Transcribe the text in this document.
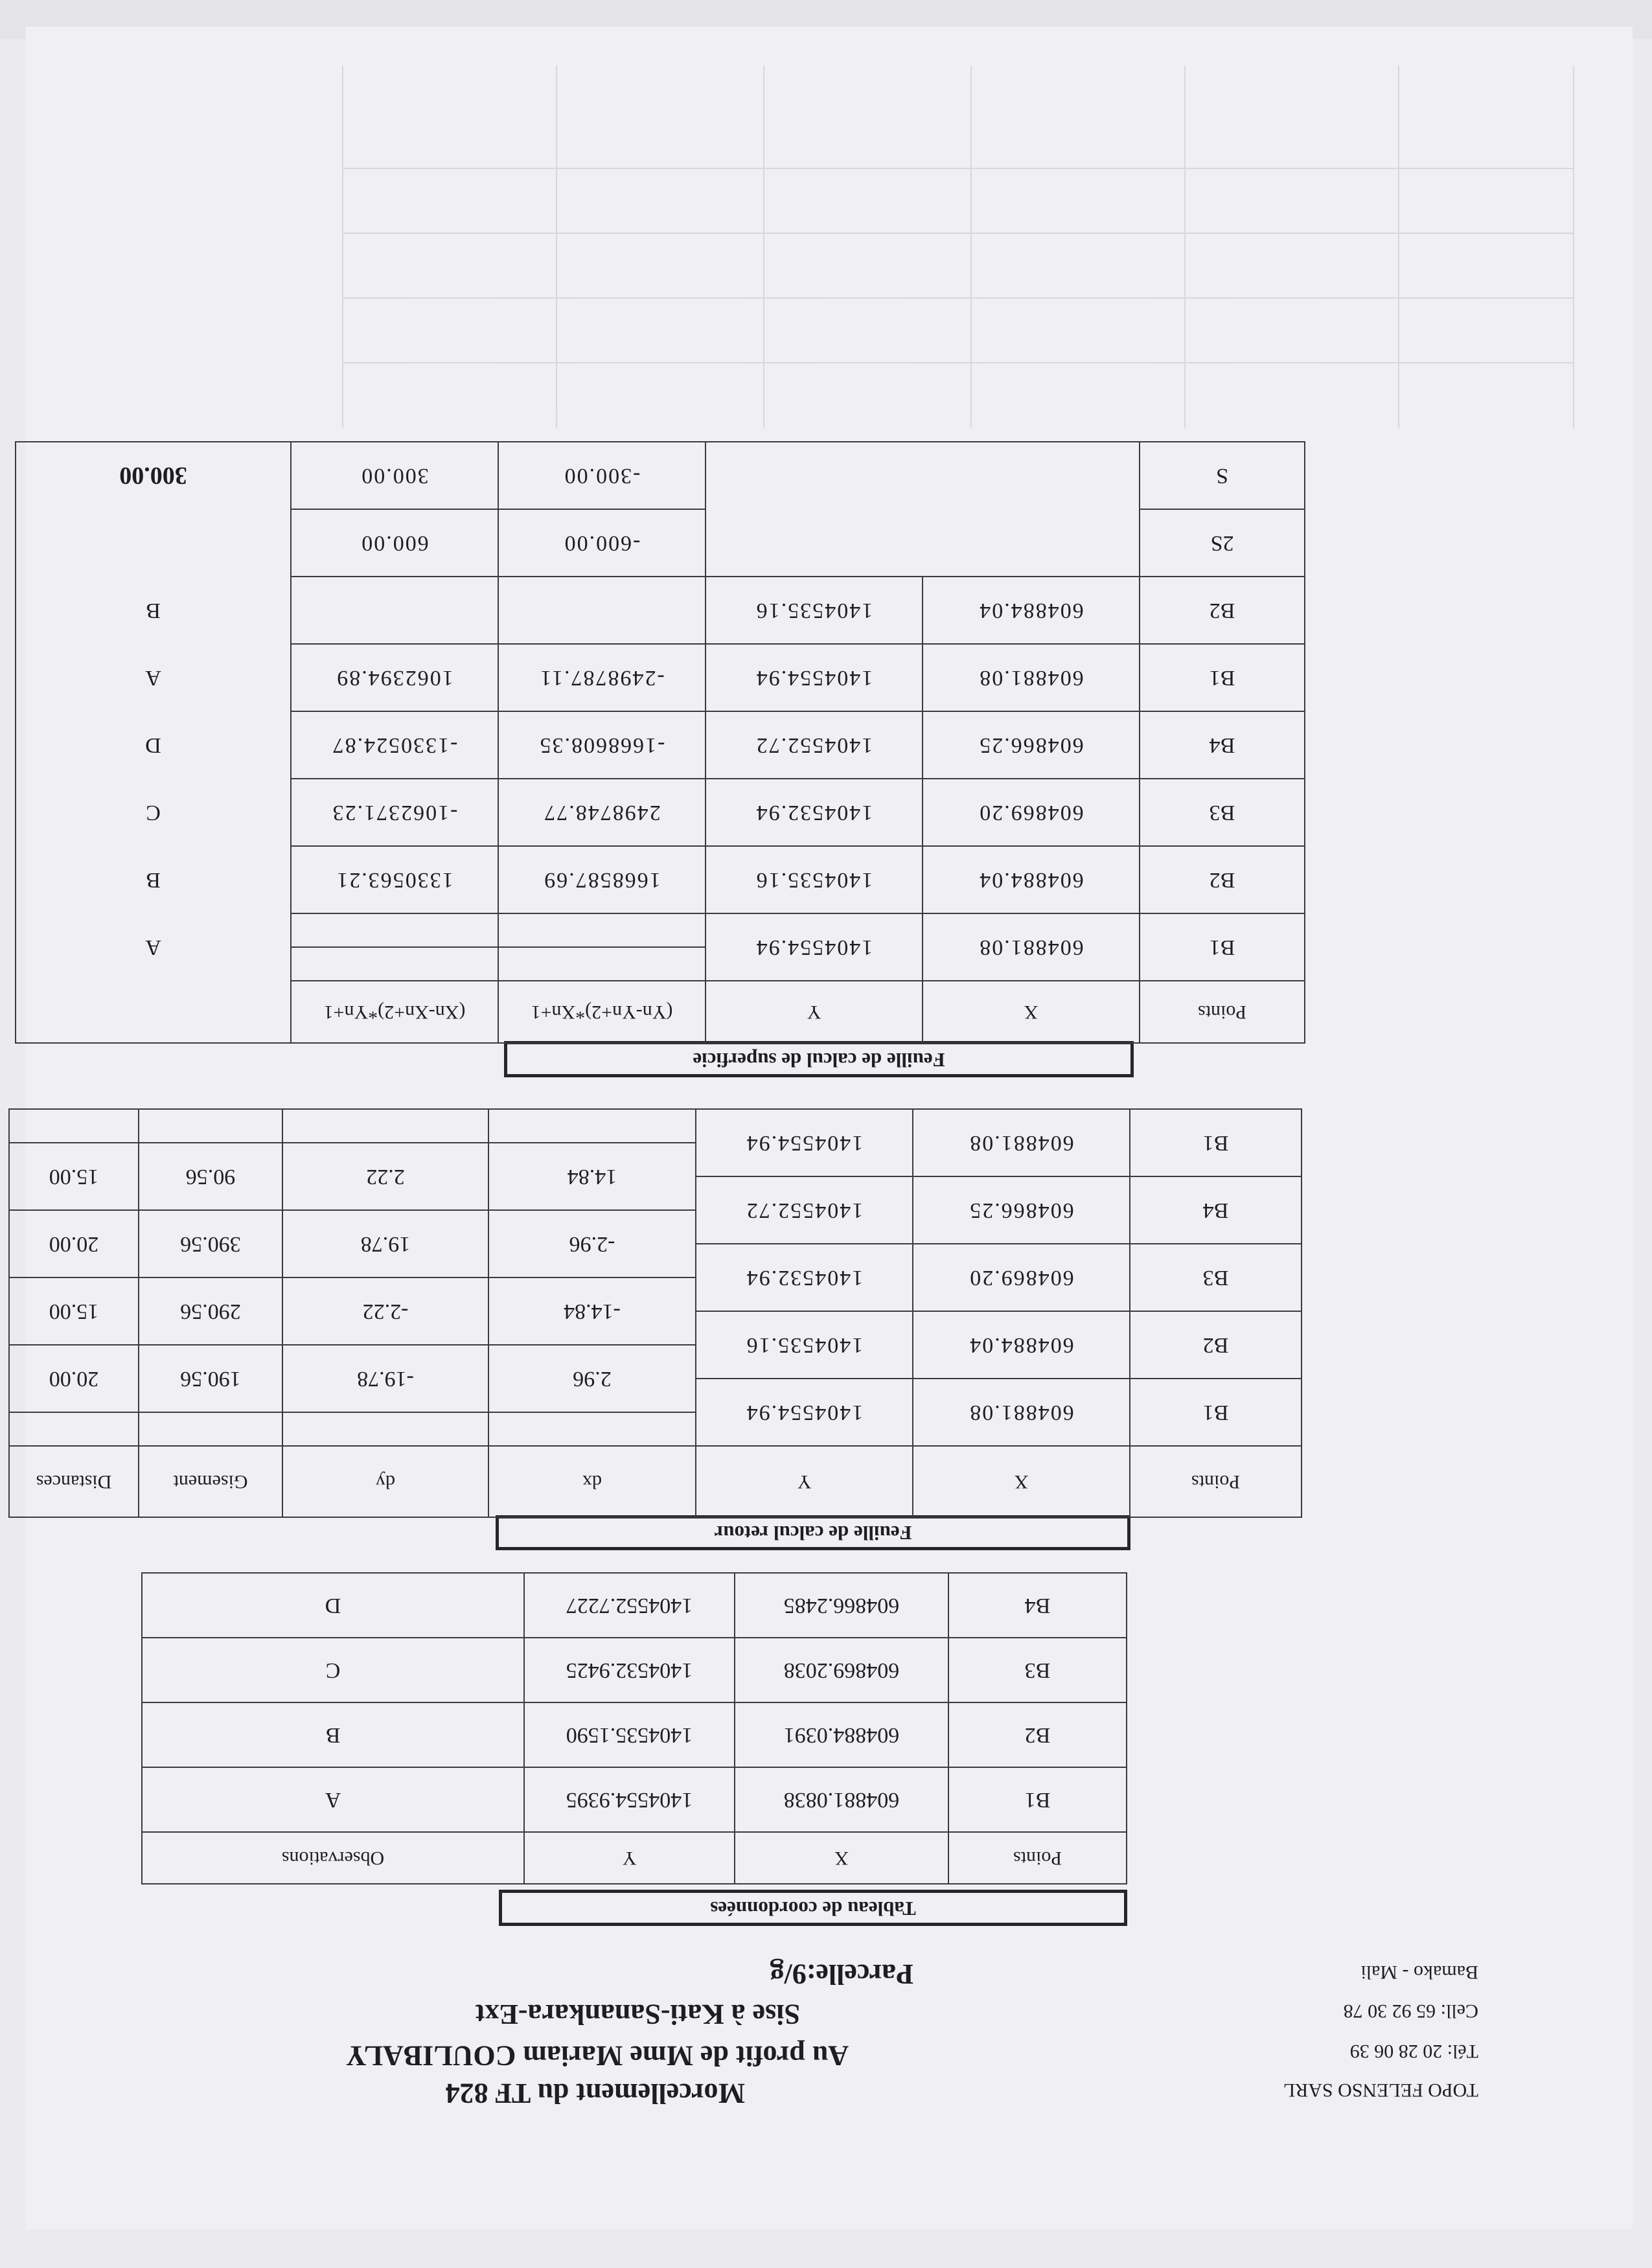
TOPO FELENSO SARL
Morcellement du TF 824
Tél: 20 28 06 39
Au profit de Mme Mariam COULIBALY
Cell: 65 92 30 78
Sise à Kati-Sanankara-Ext
Bamako - Mali
Parcelle:9/g
Tableau de coordonnées
Points	X	Y	Observations
B1	604881.0838	1404554.9395	A
B2	604884.0391	1404535.1590	B
B3	604869.2038	1404532.9425	C
B4	604866.2485	1404552.7227	D
Feuille de calcul retour
Points	X	Y	dx	dy	Gisement	Distances
B1	604881.08	1404554.94				
			2.96	-19.78	190.56	20.00
B2	604884.04	1404535.16				
			-14.84	-2.22	290.56	15.00
B3	604869.20	1404532.94				
			-2.96	19.78	390.56	20.00
B4	604866.25	1404552.72				
			14.84	2.22	90.56	15.00
B1	604881.08	1404554.94				

Feuille de calcul de superficie
Points	X	Y	(Yn-Yn+2)*Xn+1	(Xn-Xn+2)*Yn+1	
B1	604881.08	1404554.94			A

B2	604884.04	1404535.16	1668587.69	1330563.21	B
B3	604869.20	1404532.94	2498748.77	-1062371.23	C
B4	604866.25	1404552.72	-1668608.35	-1330524.87	D
B1	604881.08	1404554.94	-2498787.11	1062394.89	A
B2	604884.04	1404535.16			B
2S			-600.00	600.00	
S			-300.00	300.00	300.00
